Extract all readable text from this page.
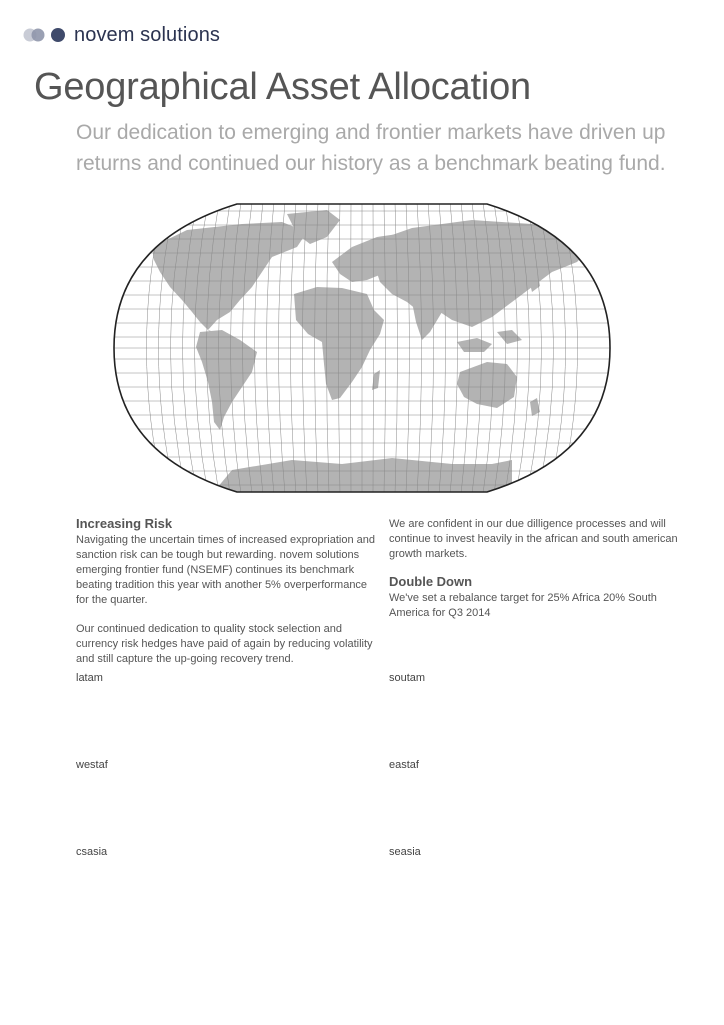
novem solutions
Geographical Asset Allocation

Our dedication to emerging and frontier markets have driven up returns and continued our history as a benchmark beating fund.

Increasing Risk

Navigating the uncertain times of increased expropriation and sanction risk can be tough but rewarding. novem solutions emerging frontier fund (NSEMF) continues its benchmark beating tradition this year with another 5% overperformance for the quarter.

Our continued dedication to quality stock selection and currency risk hedges have paid of again by reducing volatility and still capture the up-going recovery trend.

We are confident in our due dilligence processes and will continue to invest heavily in the african and south american growth markets.

Double Down

We've set a rebalance target for 25% Africa 20% South America for Q3 2014

latam	soutam
westaf	eastaf
csasia	seasia
